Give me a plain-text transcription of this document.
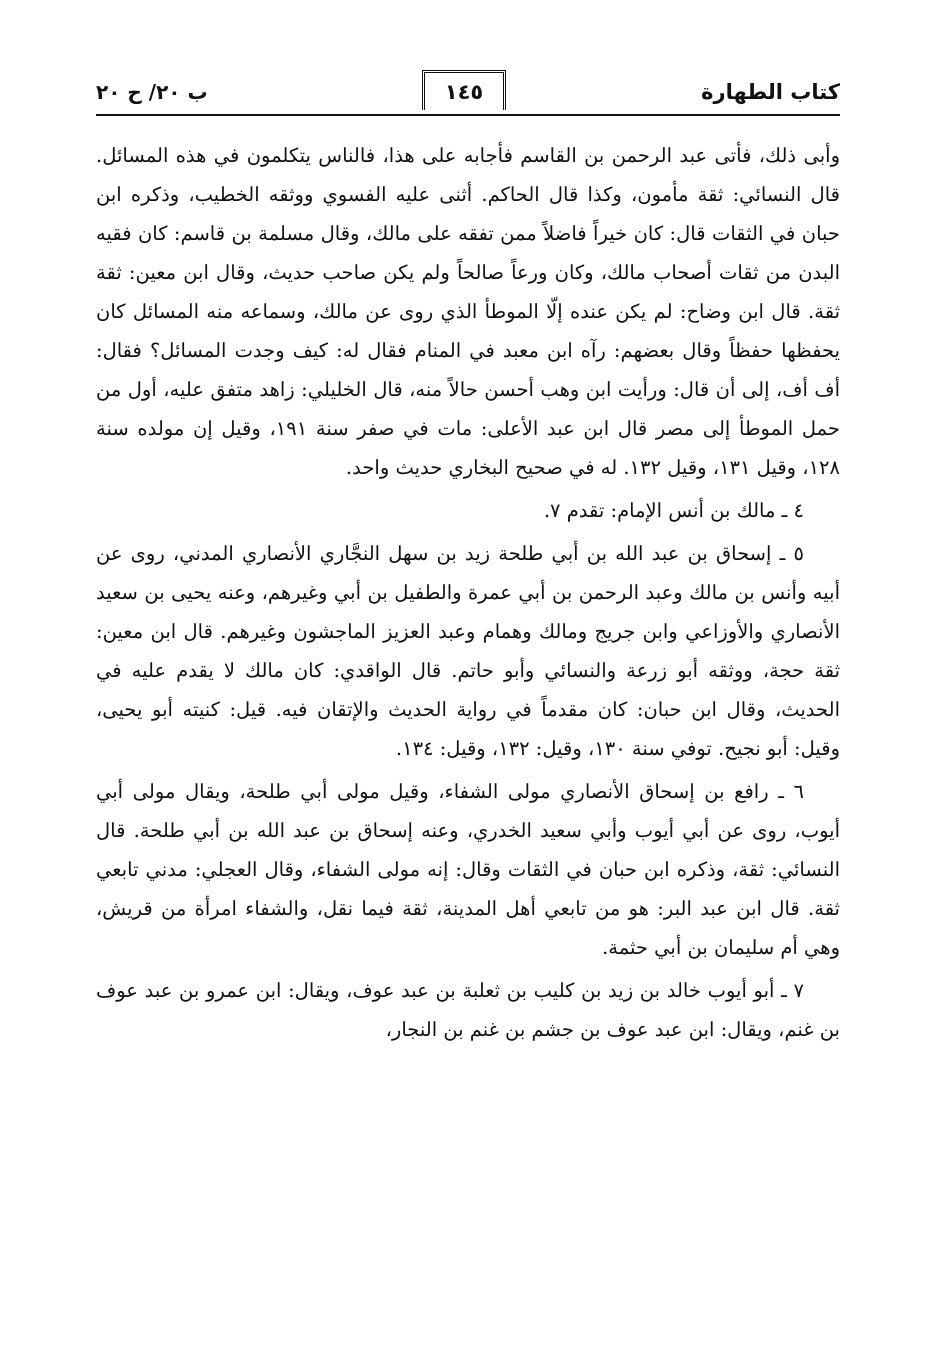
كتاب الطهارة
١٤٥
ب ٢٠/ ح ٢٠

وأبى ذلك، فأتى عبد الرحمن بن القاسم فأجابه على هذا، فالناس يتكلمون في هذه المسائل. قال النسائي: ثقة مأمون، وكذا قال الحاكم. أثنى عليه الفسوي ووثقه الخطيب، وذكره ابن حبان في الثقات قال: كان خيراً فاضلاً ممن تفقه على مالك، وقال مسلمة بن قاسم: كان فقيه البدن من ثقات أصحاب مالك، وكان ورعاً صالحاً ولم يكن صاحب حديث، وقال ابن معين: ثقة ثقة. قال ابن وضاح: لم يكن عنده إلّا الموطأ الذي روى عن مالك، وسماعه منه المسائل كان يحفظها حفظاً وقال بعضهم: رآه ابن معبد في المنام فقال له: كيف وجدت المسائل؟ فقال: أف أف، إلى أن قال: ورأيت ابن وهب أحسن حالاً منه، قال الخليلي: زاهد متفق عليه، أول من حمل الموطأ إلى مصر قال ابن عبد الأعلى: مات في صفر سنة ١٩١، وقيل إن مولده سنة ١٢٨، وقيل ١٣١، وقيل ١٣٢. له في صحيح البخاري حديث واحد.

٤ ـ مالك بن أنس الإمام: تقدم ٧.

٥ ـ إسحاق بن عبد الله بن أبي طلحة زيد بن سهل النجَّاري الأنصاري المدني، روى عن أبيه وأنس بن مالك وعبد الرحمن بن أبي عمرة والطفيل بن أبي وغيرهم، وعنه يحيى بن سعيد الأنصاري والأوزاعي وابن جريج ومالك وهمام وعبد العزيز الماجشون وغيرهم. قال ابن معين: ثقة حجة، ووثقه أبو زرعة والنسائي وأبو حاتم. قال الواقدي: كان مالك لا يقدم عليه في الحديث، وقال ابن حبان: كان مقدماً في رواية الحديث والإتقان فيه. قيل: كنيته أبو يحيى، وقيل: أبو نجيح. توفي سنة ١٣٠، وقيل: ١٣٢، وقيل: ١٣٤.

٦ ـ رافع بن إسحاق الأنصاري مولى الشفاء، وقيل مولى أبي طلحة، ويقال مولى أبي أيوب، روى عن أبي أيوب وأبي سعيد الخدري، وعنه إسحاق بن عبد الله بن أبي طلحة. قال النسائي: ثقة، وذكره ابن حبان في الثقات وقال: إنه مولى الشفاء، وقال العجلي: مدني تابعي ثقة. قال ابن عبد البر: هو من تابعي أهل المدينة، ثقة فيما نقل، والشفاء امرأة من قريش، وهي أم سليمان بن أبي حثمة.

٧ ـ أبو أيوب خالد بن زيد بن كليب بن ثعلبة بن عبد عوف، ويقال: ابن عمرو بن عبد عوف بن غنم، ويقال: ابن عبد عوف بن جشم بن غنم بن النجار،
